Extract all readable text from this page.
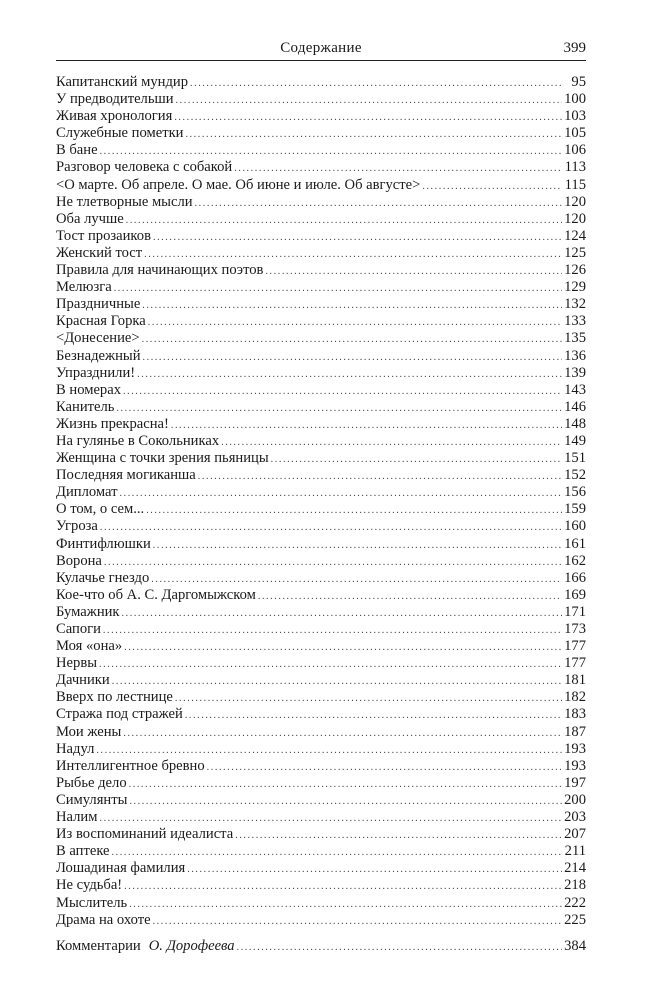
Содержание	399
Капитанский мундир .....	95
У предводительши .....	100
Живая хронология .....	103
Служебные пометки .....	105
В бане .....	106
Разговор человека с собакой .....	113
<О марте. Об апреле. О мае. Об июне и июле. Об августе> .....	115
Не тлетворные мысли .....	120
Оба лучше .....	120
Тост прозаиков .....	124
Женский тост .....	125
Правила для начинающих поэтов .....	126
Мелюзга .....	129
Праздничные .....	132
Красная Горка .....	133
<Донесение> .....	135
Безнадежный .....	136
Упразднили! .....	139
В номерах .....	143
Канитель .....	146
Жизнь прекрасна! .....	148
На гулянье в Сокольниках .....	149
Женщина с точки зрения пьяницы .....	151
Последняя могиканша .....	152
Дипломат .....	156
О том, о сем... .....	159
Угроза .....	160
Финтифлюшки .....	161
Ворона .....	162
Кулачье гнездо .....	166
Кое-что об А. С. Даргомыжском .....	169
Бумажник .....	171
Сапоги .....	173
Моя «она» .....	177
Нервы .....	177
Дачники .....	181
Вверх по лестнице .....	182
Стража под стражей .....	183
Мои жены .....	187
Надул .....	193
Интеллигентное бревно .....	193
Рыбье дело .....	197
Симулянты .....	200
Налим .....	203
Из воспоминаний идеалиста .....	207
В аптеке .....	211
Лошадиная фамилия .....	214
Не судьба! .....	218
Мыслитель .....	222
Драма на охоте .....	225
Комментарии О. Дорофеева .....	384
